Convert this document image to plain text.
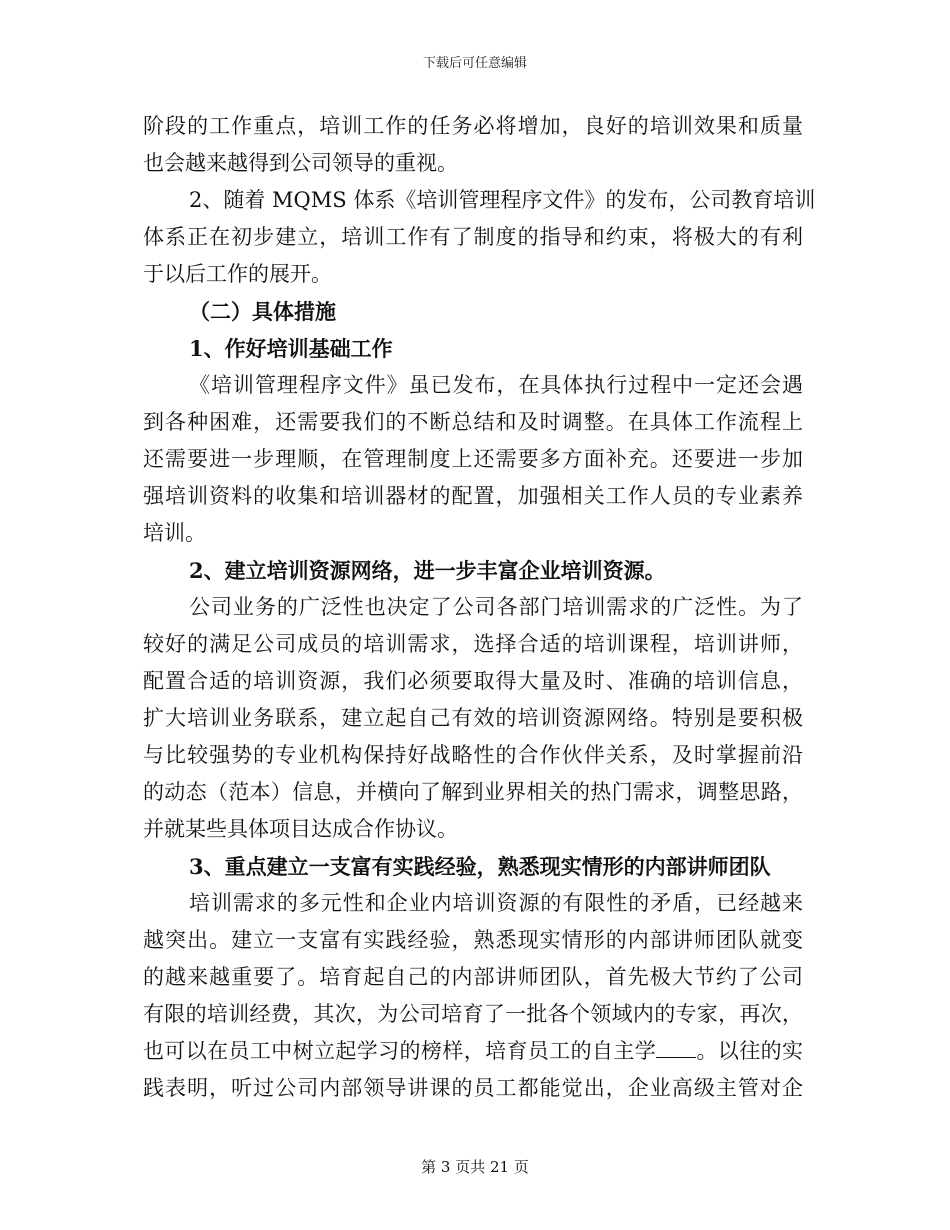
下载后可任意编辑
阶段的工作重点，培训工作的任务必将增加，良好的培训效果和质量
也会越来越得到公司领导的重视。
2、随着 MQMS 体系《培训管理程序文件》的发布，公司教育培训
体系正在初步建立，培训工作有了制度的指导和约束，将极大的有利
于以后工作的展开。
（二）具体措施
1、作好培训基础工作
《培训管理程序文件》虽已发布，在具体执行过程中一定还会遇
到各种困难，还需要我们的不断总结和及时调整。在具体工作流程上
还需要进一步理顺，在管理制度上还需要多方面补充。还要进一步加
强培训资料的收集和培训器材的配置，加强相关工作人员的专业素养
培训。
2、建立培训资源网络，进一步丰富企业培训资源。
公司业务的广泛性也决定了公司各部门培训需求的广泛性。为了
较好的满足公司成员的培训需求，选择合适的培训课程，培训讲师，
配置合适的培训资源，我们必须要取得大量及时、准确的培训信息，
扩大培训业务联系，建立起自己有效的培训资源网络。特别是要积极
与比较强势的专业机构保持好战略性的合作伙伴关系，及时掌握前沿
的动态（范本）信息，并横向了解到业界相关的热门需求，调整思路，
并就某些具体项目达成合作协议。
3、重点建立一支富有实践经验，熟悉现实情形的内部讲师团队
培训需求的多元性和企业内培训资源的有限性的矛盾，已经越来
越突出。建立一支富有实践经验，熟悉现实情形的内部讲师团队就变
的越来越重要了。培育起自己的内部讲师团队，首先极大节约了公司
有限的培训经费，其次，为公司培育了一批各个领域内的专家，再次，
也可以在员工中树立起学习的榜样，培育员工的自主学 。以往的实
践表明，听过公司内部领导讲课的员工都能觉出，企业高级主管对企
第 3 页共 21 页
